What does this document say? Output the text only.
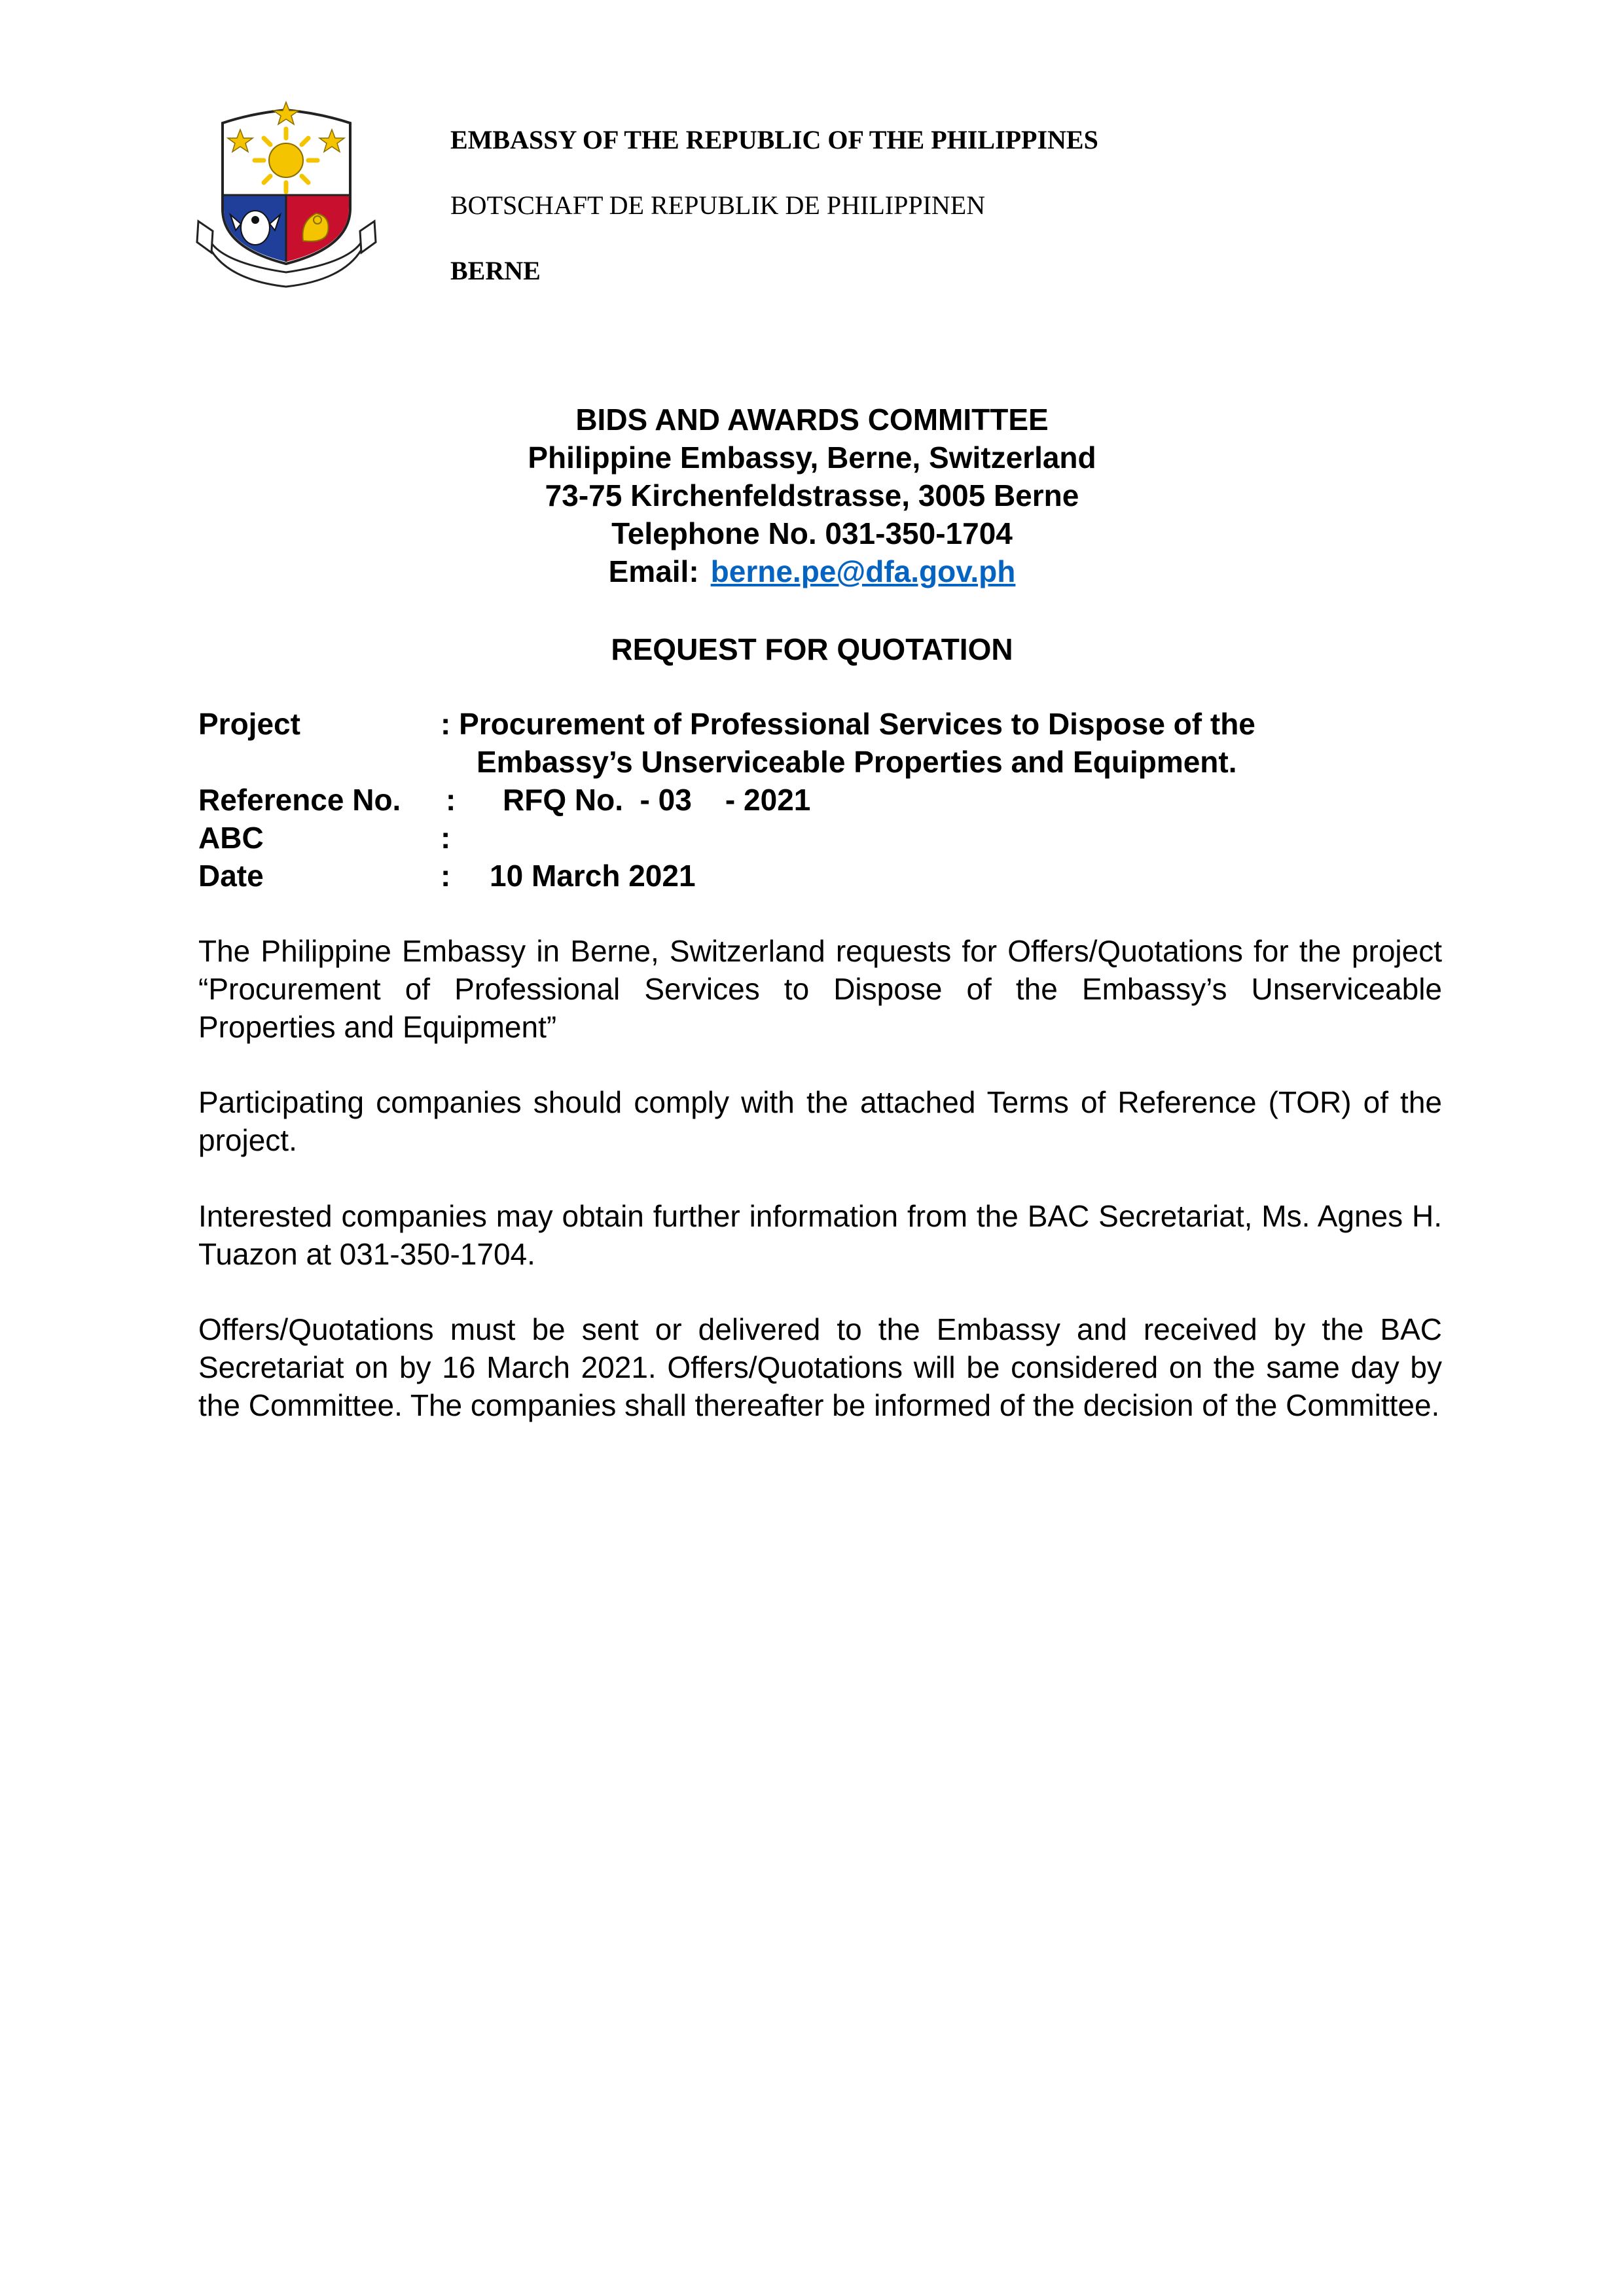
EMBASSY OF THE REPUBLIC OF THE PHILIPPINES
BOTSCHAFT DE REPUBLIK DE PHILIPPINEN
BERNE
BIDS AND AWARDS COMMITTEE
Philippine Embassy, Berne, Switzerland
73-75 Kirchenfeldstrasse, 3005 Berne
Telephone No. 031-350-1704
Email: berne.pe@dfa.gov.ph
REQUEST FOR QUOTATION
Project	: Procurement of Professional Services to Dispose of the
Embassy’s Unserviceable Properties and Equipment.
Reference No. : RFQ No.  - 03    - 2021
ABC	:
Date	: 10 March 2021
The Philippine Embassy in Berne, Switzerland requests for Offers/Quotations for the project “Procurement of Professional Services to Dispose of the Embassy’s Unserviceable Properties and Equipment”
Participating companies should comply with the attached Terms of Reference (TOR) of the project.
Interested companies may obtain further information from the BAC Secretariat, Ms. Agnes H. Tuazon at 031-350-1704.
Offers/Quotations must be sent or delivered to the Embassy and received by the BAC Secretariat on by 16 March 2021. Offers/Quotations will be considered on the same day by the Committee. The companies shall thereafter be informed of the decision of the Committee.
